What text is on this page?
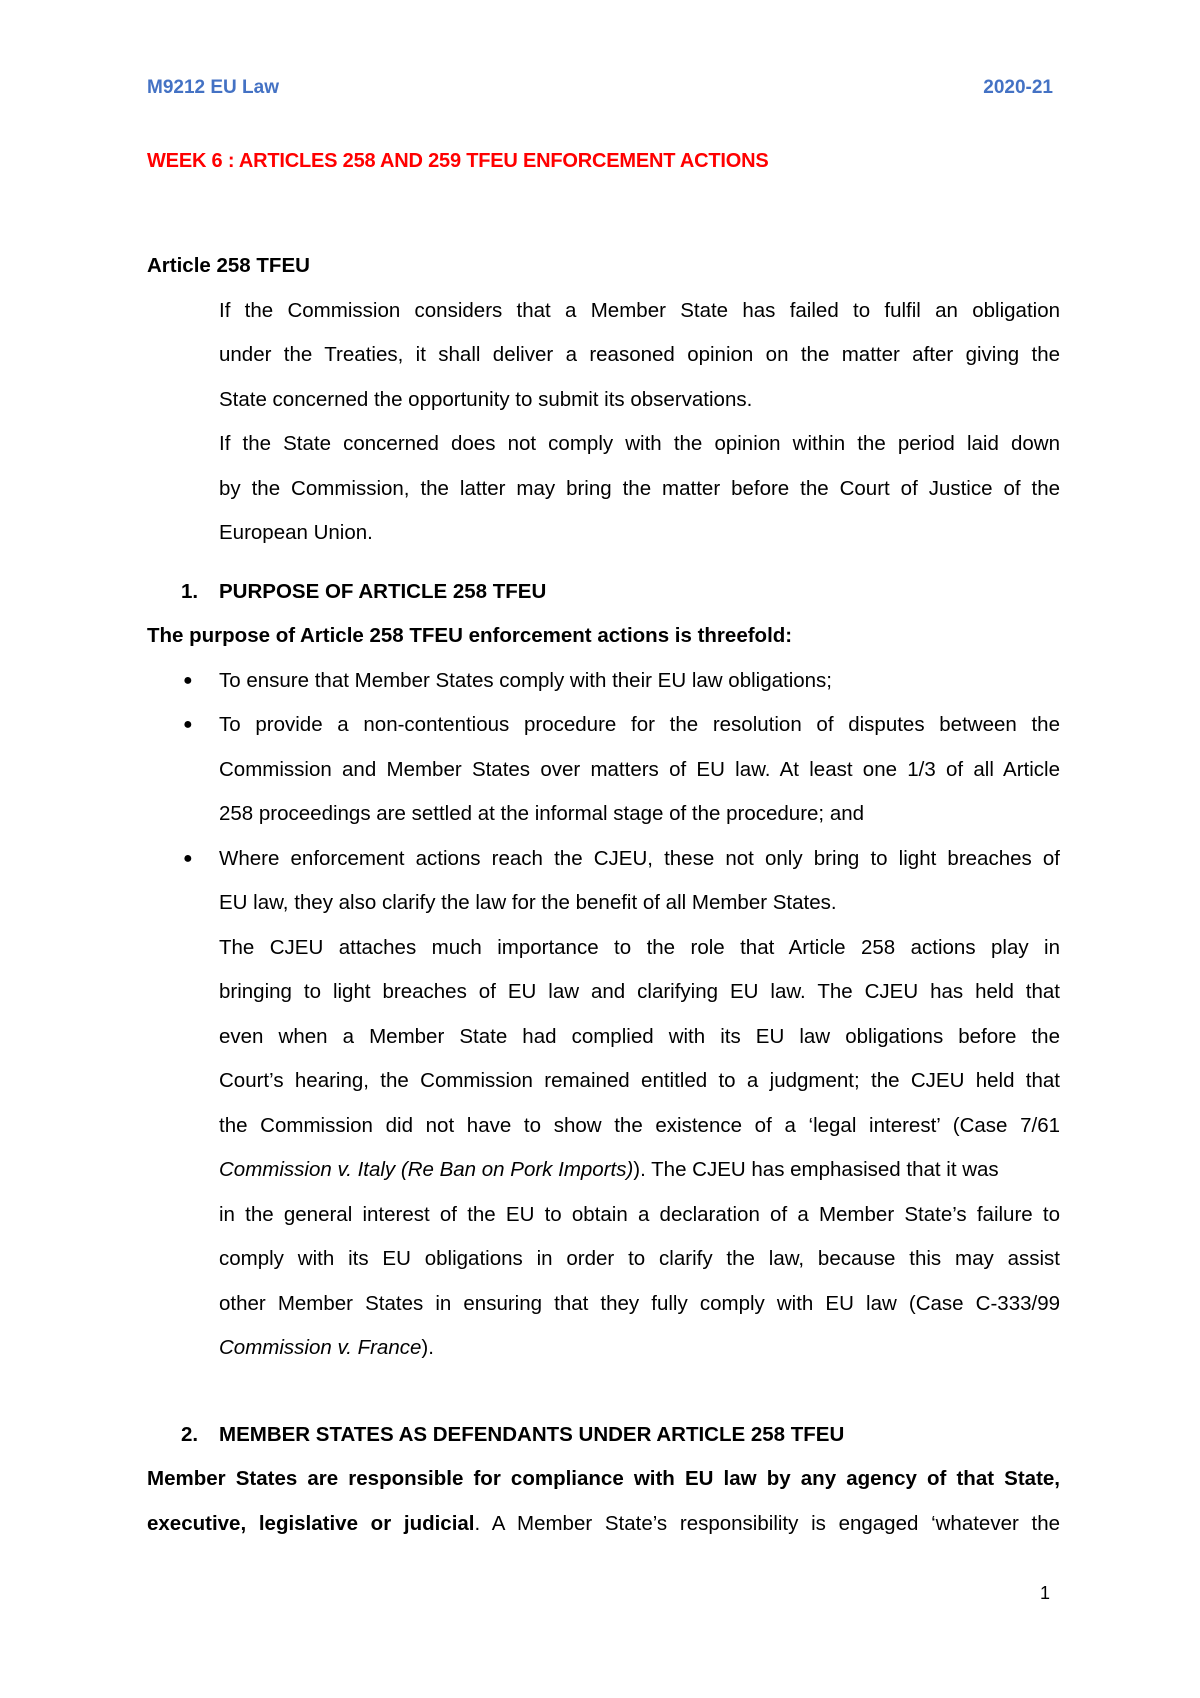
M9212 EU Law	2020-21
WEEK 6 : ARTICLES 258 AND 259 TFEU ENFORCEMENT ACTIONS
Article 258 TFEU
If the Commission considers that a Member State has failed to fulfil an obligation
under the Treaties, it shall deliver a reasoned opinion on the matter after giving the
State concerned the opportunity to submit its observations.
If the State concerned does not comply with the opinion within the period laid down
by the Commission, the latter may bring the matter before the Court of Justice of the
European Union.
1.	PURPOSE OF ARTICLE 258 TFEU
The purpose of Article 258 TFEU enforcement actions is threefold:
●	To ensure that Member States comply with their EU law obligations;
●	To provide a non-contentious procedure for the resolution of disputes between the
Commission and Member States over matters of EU law. At least one 1/3 of all Article
258 proceedings are settled at the informal stage of the procedure; and
●	Where enforcement actions reach the CJEU, these not only bring to light breaches of
EU law, they also clarify the law for the benefit of all Member States.
The CJEU attaches much importance to the role that Article 258 actions play in
bringing to light breaches of EU law and clarifying EU law. The CJEU has held that
even when a Member State had complied with its EU law obligations before the
Court’s hearing, the Commission remained entitled to a judgment; the CJEU held that
the Commission did not have to show the existence of a ‘legal interest’ (Case 7/61
Commission v. Italy (Re Ban on Pork Imports)). The CJEU has emphasised that it was
in the general interest of the EU to obtain a declaration of a Member State’s failure to
comply with its EU obligations in order to clarify the law, because this may assist
other Member States in ensuring that they fully comply with EU law (Case C-333/99
Commission v. France).
2.	MEMBER STATES AS DEFENDANTS UNDER ARTICLE 258 TFEU
Member States are responsible for compliance with EU law by any agency of that State,
executive, legislative or judicial. A Member State’s responsibility is engaged ‘whatever the
1
